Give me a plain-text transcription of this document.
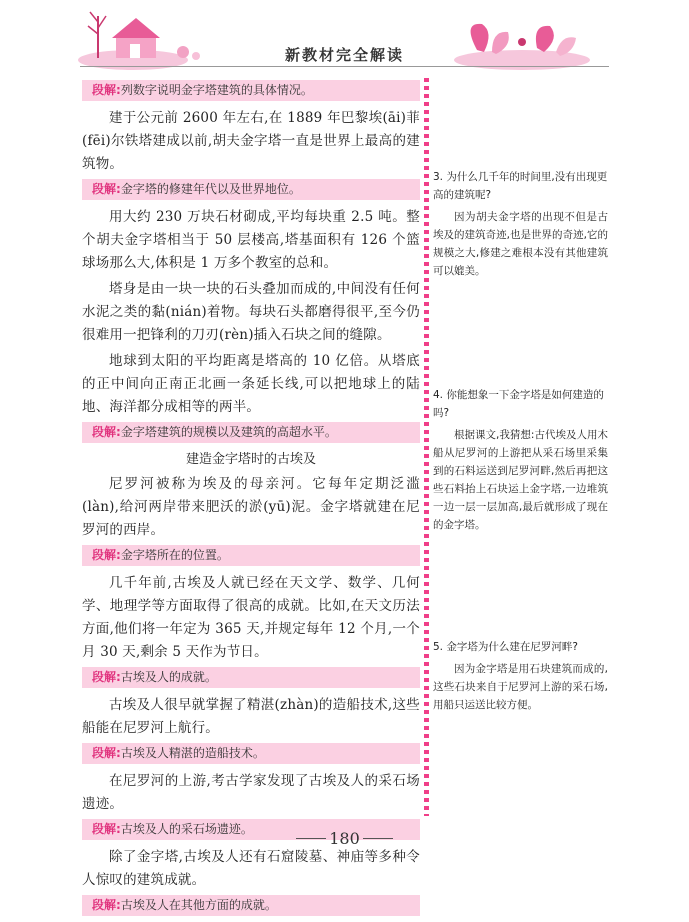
新教材完全解读
段解:列数字说明金字塔建筑的具体情况。

建于公元前 2600 年左右,在 1889 年巴黎埃(āi)菲(fēi)尔铁塔建成以前,胡夫金字塔一直是世界上最高的建筑物。

段解:金字塔的修建年代以及世界地位。

用大约 230 万块石材砌成,平均每块重 2.5 吨。整个胡夫金字塔相当于 50 层楼高,塔基面积有 126 个篮球场那么大,体积是 1 万多个教室的总和。

塔身是由一块一块的石头叠加而成的,中间没有任何水泥之类的黏(nián)着物。每块石头都磨得很平,至今仍很难用一把锋利的刀刃(rèn)插入石块之间的缝隙。

地球到太阳的平均距离是塔高的 10 亿倍。从塔底的正中间向正南正北画一条延长线,可以把地球上的陆地、海洋都分成相等的两半。

段解:金字塔建筑的规模以及建筑的高超水平。
建造金字塔时的古埃及

尼罗河被称为埃及的母亲河。它每年定期泛滥(làn),给河两岸带来肥沃的淤(yū)泥。金字塔就建在尼罗河的西岸。

段解:金字塔所在的位置。

几千年前,古埃及人就已经在天文学、数学、几何学、地理学等方面取得了很高的成就。比如,在天文历法方面,他们将一年定为 365 天,并规定每年 12 个月,一个月 30 天,剩余 5 天作为节日。

段解:古埃及人的成就。

古埃及人很早就掌握了精湛(zhàn)的造船技术,这些船能在尼罗河上航行。

段解:古埃及人精湛的造船技术。

在尼罗河的上游,考古学家发现了古埃及人的采石场遗迹。

段解:古埃及人的采石场遗迹。

除了金字塔,古埃及人还有石窟陵墓、神庙等多种令人惊叹的建筑成就。

段解:古埃及人在其他方面的成就。

3. 为什么几千年的时间里,没有出现更高的建筑呢?

因为胡夫金字塔的出现不但是古埃及的建筑奇迹,也是世界的奇迹,它的规模之大,修建之难根本没有其他建筑可以媲美。

4. 你能想象一下金字塔是如何建造的吗?

根据课文,我猜想:古代埃及人用木船从尼罗河的上游把从采石场里采集到的石料运送到尼罗河畔,然后再把这些石料抬上石块运上金字塔,一边堆筑一边一层一层加高,最后就形成了现在的金字塔。

5. 金字塔为什么建在尼罗河畔?

因为金字塔是用石块建筑而成的,这些石块来自于尼罗河上游的采石场,用船只运送比较方便。

180
